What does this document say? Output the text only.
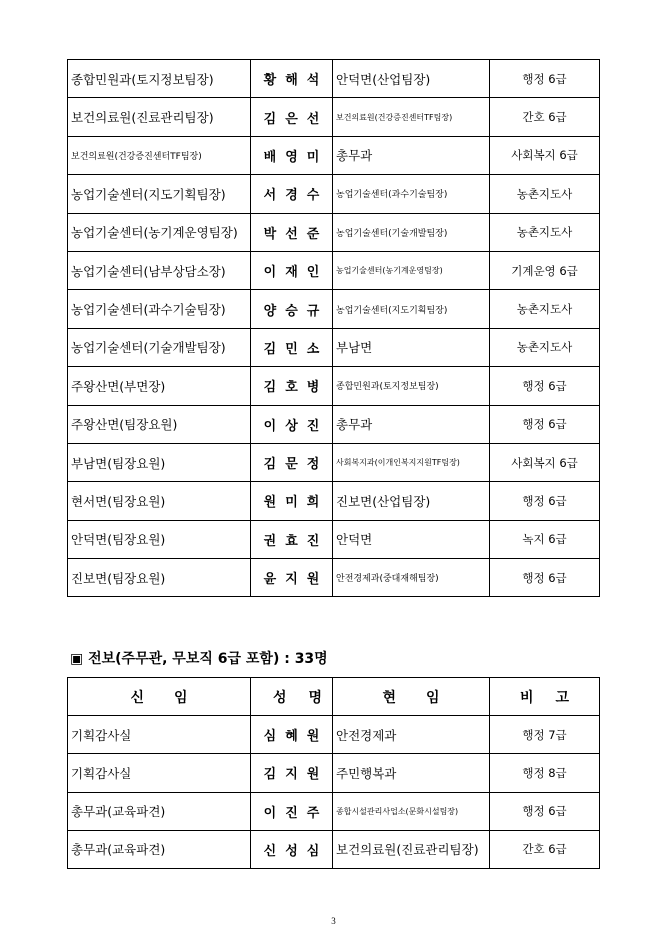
종합민원과(토지정보팀장)	황해석	안덕면(산업팀장)	행정 6급
보건의료원(진료관리팀장)	김은선	보건의료원(건강증진센터TF팀장)	간호 6급
보건의료원(건강증진센터TF팀장)	배영미	총무과	사회복지 6급
농업기술센터(지도기획팀장)	서경수	농업기술센터(과수기술팀장)	농촌지도사
농업기술센터(농기계운영팀장)	박선준	농업기술센터(기술개발팀장)	농촌지도사
농업기술센터(남부상담소장)	이재인	농업기술센터(농기계운영팀장)	기계운영 6급
농업기술센터(과수기술팀장)	양승규	농업기술센터(지도기획팀장)	농촌지도사
농업기술센터(기술개발팀장)	김민소	부남면	농촌지도사
주왕산면(부면장)	김호병	종합민원과(토지정보팀장)	행정 6급
주왕산면(팀장요원)	이상진	총무과	행정 6급
부남면(팀장요원)	김문정	사회복지과(이개인복지지원TF팀장)	사회복지 6급
현서면(팀장요원)	원미희	진보면(산업팀장)	행정 6급
안덕면(팀장요원)	권효진	안덕면	녹지 6급
진보면(팀장요원)	윤지원	안전경제과(중대재해팀장)	행정 6급
▣ 전보(주무관, 무보직 6급 포함) : 33명
신임	성명	현임	비고
기획감사실	심혜원	안전경제과	행정 7급
기획감사실	김지원	주민행복과	행정 8급
총무과(교육파견)	이진주	종합시설관리사업소(문화시설팀장)	행정 6급
총무과(교육파견)	신성심	보건의료원(진료관리팀장)	간호 6급
3
